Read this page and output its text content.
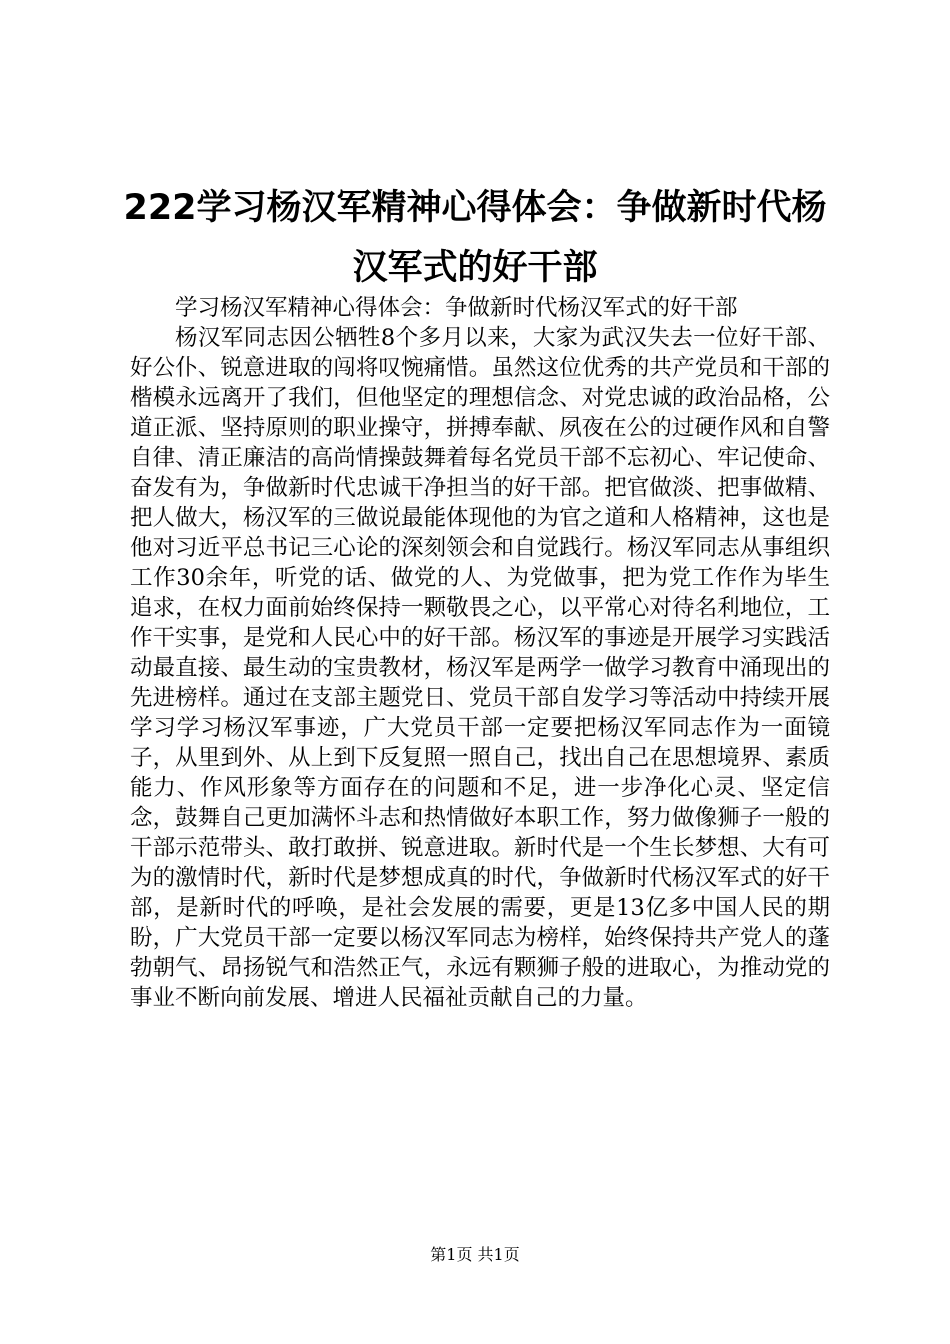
222学习杨汉军精神心得体会：争做新时代杨汉军式的好干部

学习杨汉军精神心得体会：争做新时代杨汉军式的好干部

杨汉军同志因公牺牲8个多月以来，大家为武汉失去一位好干部、好公仆、锐意进取的闯将叹惋痛惜。虽然这位优秀的共产党员和干部的楷模永远离开了我们，但他坚定的理想信念、对党忠诚的政治品格，公道正派、坚持原则的职业操守，拼搏奉献、夙夜在公的过硬作风和自警自律、清正廉洁的高尚情操鼓舞着每名党员干部不忘初心、牢记使命、奋发有为，争做新时代忠诚干净担当的好干部。把官做淡、把事做精、把人做大，杨汉军的三做说最能体现他的为官之道和人格精神，这也是他对习近平总书记三心论的深刻领会和自觉践行。杨汉军同志从事组织工作30余年，听党的话、做党的人、为党做事，把为党工作作为毕生追求，在权力面前始终保持一颗敬畏之心，以平常心对待名利地位，工作干实事，是党和人民心中的好干部。杨汉军的事迹是开展学习实践活动最直接、最生动的宝贵教材，杨汉军是两学一做学习教育中涌现出的先进榜样。通过在支部主题党日、党员干部自发学习等活动中持续开展学习学习杨汉军事迹，广大党员干部一定要把杨汉军同志作为一面镜子，从里到外、从上到下反复照一照自己，找出自己在思想境界、素质能力、作风形象等方面存在的问题和不足，进一步净化心灵、坚定信念，鼓舞自己更加满怀斗志和热情做好本职工作，努力做像狮子一般的干部示范带头、敢打敢拼、锐意进取。新时代是一个生长梦想、大有可为的激情时代，新时代是梦想成真的时代，争做新时代杨汉军式的好干部，是新时代的呼唤，是社会发展的需要，更是13亿多中国人民的期盼，广大党员干部一定要以杨汉军同志为榜样，始终保持共产党人的蓬勃朝气、昂扬锐气和浩然正气，永远有颗狮子般的进取心，为推动党的事业不断向前发展、增进人民福祉贡献自己的力量。

第1页 共1页
